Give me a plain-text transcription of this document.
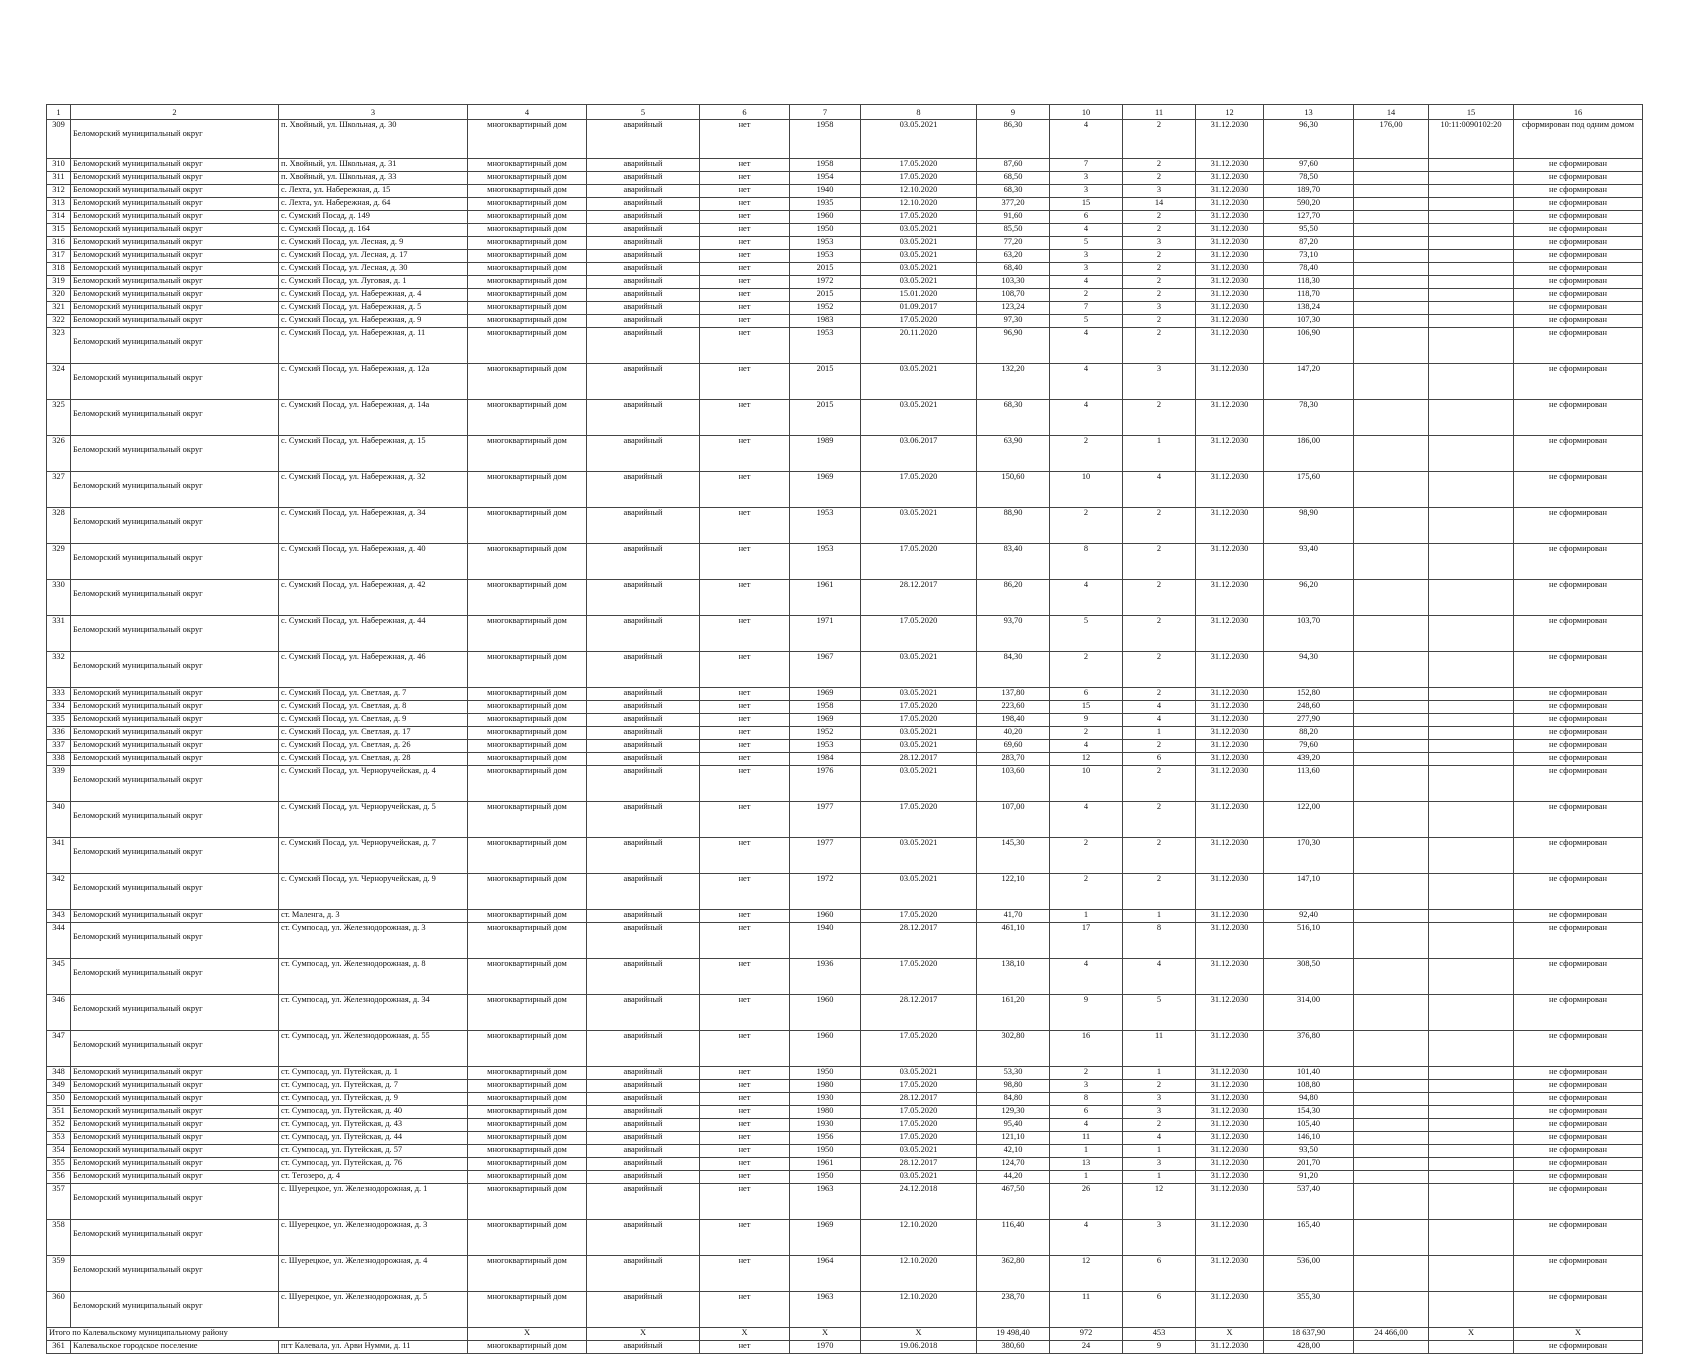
1	2	3	4	5	6	7	8	9	10	11	12	13	14	15	16
309	Беломорский муниципальный округ	п. Хвойный, ул. Школьная, д. 30	многоквартирный дом	аварийный	нет	1958	03.05.2021	86,30	4	2	31.12.2030	96,30	176,00	10:11:0090102:20	сформирован под одним домом
310	Беломорский муниципальный округ	п. Хвойный, ул. Школьная, д. 31	многоквартирный дом	аварийный	нет	1958	17.05.2020	87,60	7	2	31.12.2030	97,60			не сформирован
311	Беломорский муниципальный округ	п. Хвойный, ул. Школьная, д. 33	многоквартирный дом	аварийный	нет	1954	17.05.2020	68,50	3	2	31.12.2030	78,50			не сформирован
312	Беломорский муниципальный округ	с. Лехта, ул. Набережная, д. 15	многоквартирный дом	аварийный	нет	1940	12.10.2020	68,30	3	3	31.12.2030	189,70			не сформирован
313	Беломорский муниципальный округ	с. Лехта, ул. Набережная, д. 64	многоквартирный дом	аварийный	нет	1935	12.10.2020	377,20	15	14	31.12.2030	590,20			не сформирован
314	Беломорский муниципальный округ	с. Сумский Посад, д. 149	многоквартирный дом	аварийный	нет	1960	17.05.2020	91,60	6	2	31.12.2030	127,70			не сформирован
315	Беломорский муниципальный округ	с. Сумский Посад, д. 164	многоквартирный дом	аварийный	нет	1950	03.05.2021	85,50	4	2	31.12.2030	95,50			не сформирован
316	Беломорский муниципальный округ	с. Сумский Посад, ул. Лесная, д. 9	многоквартирный дом	аварийный	нет	1953	03.05.2021	77,20	5	3	31.12.2030	87,20			не сформирован
317	Беломорский муниципальный округ	с. Сумский Посад, ул. Лесная, д. 17	многоквартирный дом	аварийный	нет	1953	03.05.2021	63,20	3	2	31.12.2030	73,10			не сформирован
318	Беломорский муниципальный округ	с. Сумский Посад, ул. Лесная, д. 30	многоквартирный дом	аварийный	нет	2015	03.05.2021	68,40	3	2	31.12.2030	78,40			не сформирован
319	Беломорский муниципальный округ	с. Сумский Посад, ул. Луговая, д. 1	многоквартирный дом	аварийный	нет	1972	03.05.2021	103,30	4	2	31.12.2030	118,30			не сформирован
320	Беломорский муниципальный округ	с. Сумский Посад, ул. Набережная, д. 4	многоквартирный дом	аварийный	нет	2015	15.01.2020	108,70	2	2	31.12.2030	118,70			не сформирован
321	Беломорский муниципальный округ	с. Сумский Посад, ул. Набережная, д. 5	многоквартирный дом	аварийный	нет	1952	01.09.2017	123,24	7	3	31.12.2030	138,24			не сформирован
322	Беломорский муниципальный округ	с. Сумский Посад, ул. Набережная, д. 9	многоквартирный дом	аварийный	нет	1983	17.05.2020	97,30	5	2	31.12.2030	107,30			не сформирован
323	Беломорский муниципальный округ	с. Сумский Посад, ул. Набережная, д. 11	многоквартирный дом	аварийный	нет	1953	20.11.2020	96,90	4	2	31.12.2030	106,90			не сформирован
324	Беломорский муниципальный округ	с. Сумский Посад, ул. Набережная, д. 12а	многоквартирный дом	аварийный	нет	2015	03.05.2021	132,20	4	3	31.12.2030	147,20			не сформирован
325	Беломорский муниципальный округ	с. Сумский Посад, ул. Набережная, д. 14а	многоквартирный дом	аварийный	нет	2015	03.05.2021	68,30	4	2	31.12.2030	78,30			не сформирован
326	Беломорский муниципальный округ	с. Сумский Посад, ул. Набережная, д. 15	многоквартирный дом	аварийный	нет	1989	03.06.2017	63,90	2	1	31.12.2030	186,00			не сформирован
327	Беломорский муниципальный округ	с. Сумский Посад, ул. Набережная, д. 32	многоквартирный дом	аварийный	нет	1969	17.05.2020	150,60	10	4	31.12.2030	175,60			не сформирован
328	Беломорский муниципальный округ	с. Сумский Посад, ул. Набережная, д. 34	многоквартирный дом	аварийный	нет	1953	03.05.2021	88,90	2	2	31.12.2030	98,90			не сформирован
329	Беломорский муниципальный округ	с. Сумский Посад, ул. Набережная, д. 40	многоквартирный дом	аварийный	нет	1953	17.05.2020	83,40	8	2	31.12.2030	93,40			не сформирован
330	Беломорский муниципальный округ	с. Сумский Посад, ул. Набережная, д. 42	многоквартирный дом	аварийный	нет	1961	28.12.2017	86,20	4	2	31.12.2030	96,20			не сформирован
331	Беломорский муниципальный округ	с. Сумский Посад, ул. Набережная, д. 44	многоквартирный дом	аварийный	нет	1971	17.05.2020	93,70	5	2	31.12.2030	103,70			не сформирован
332	Беломорский муниципальный округ	с. Сумский Посад, ул. Набережная, д. 46	многоквартирный дом	аварийный	нет	1967	03.05.2021	84,30	2	2	31.12.2030	94,30			не сформирован
333	Беломорский муниципальный округ	с. Сумский Посад, ул. Светлая, д. 7	многоквартирный дом	аварийный	нет	1969	03.05.2021	137,80	6	2	31.12.2030	152,80			не сформирован
334	Беломорский муниципальный округ	с. Сумский Посад, ул. Светлая, д. 8	многоквартирный дом	аварийный	нет	1958	17.05.2020	223,60	15	4	31.12.2030	248,60			не сформирован
335	Беломорский муниципальный округ	с. Сумский Посад, ул. Светлая, д. 9	многоквартирный дом	аварийный	нет	1969	17.05.2020	198,40	9	4	31.12.2030	277,90			не сформирован
336	Беломорский муниципальный округ	с. Сумский Посад, ул. Светлая, д. 17	многоквартирный дом	аварийный	нет	1952	03.05.2021	40,20	2	1	31.12.2030	88,20			не сформирован
337	Беломорский муниципальный округ	с. Сумский Посад, ул. Светлая, д. 26	многоквартирный дом	аварийный	нет	1953	03.05.2021	69,60	4	2	31.12.2030	79,60			не сформирован
338	Беломорский муниципальный округ	с. Сумский Посад, ул. Светлая, д. 28	многоквартирный дом	аварийный	нет	1984	28.12.2017	283,70	12	6	31.12.2030	439,20			не сформирован
339	Беломорский муниципальный округ	с. Сумский Посад, ул. Черноручейская, д. 4	многоквартирный дом	аварийный	нет	1976	03.05.2021	103,60	10	2	31.12.2030	113,60			не сформирован
340	Беломорский муниципальный округ	с. Сумский Посад, ул. Черноручейская, д. 5	многоквартирный дом	аварийный	нет	1977	17.05.2020	107,00	4	2	31.12.2030	122,00			не сформирован
341	Беломорский муниципальный округ	с. Сумский Посад, ул. Черноручейская, д. 7	многоквартирный дом	аварийный	нет	1977	03.05.2021	145,30	2	2	31.12.2030	170,30			не сформирован
342	Беломорский муниципальный округ	с. Сумский Посад, ул. Черноручейская, д. 9	многоквартирный дом	аварийный	нет	1972	03.05.2021	122,10	2	2	31.12.2030	147,10			не сформирован
343	Беломорский муниципальный округ	ст. Маленга, д. 3	многоквартирный дом	аварийный	нет	1960	17.05.2020	41,70	1	1	31.12.2030	92,40			не сформирован
344	Беломорский муниципальный округ	ст. Сумпосад, ул. Железнодорожная, д. 3	многоквартирный дом	аварийный	нет	1940	28.12.2017	461,10	17	8	31.12.2030	516,10			не сформирован
345	Беломорский муниципальный округ	ст. Сумпосад, ул. Железнодорожная, д. 8	многоквартирный дом	аварийный	нет	1936	17.05.2020	138,10	4	4	31.12.2030	308,50			не сформирован
346	Беломорский муниципальный округ	ст. Сумпосад, ул. Железнодорожная, д. 34	многоквартирный дом	аварийный	нет	1960	28.12.2017	161,20	9	5	31.12.2030	314,00			не сформирован
347	Беломорский муниципальный округ	ст. Сумпосад, ул. Железнодорожная, д. 55	многоквартирный дом	аварийный	нет	1960	17.05.2020	302,80	16	11	31.12.2030	376,80			не сформирован
348	Беломорский муниципальный округ	ст. Сумпосад, ул. Путейская, д. 1	многоквартирный дом	аварийный	нет	1950	03.05.2021	53,30	2	1	31.12.2030	101,40			не сформирован
349	Беломорский муниципальный округ	ст. Сумпосад, ул. Путейская, д. 7	многоквартирный дом	аварийный	нет	1980	17.05.2020	98,80	3	2	31.12.2030	108,80			не сформирован
350	Беломорский муниципальный округ	ст. Сумпосад, ул. Путейская, д. 9	многоквартирный дом	аварийный	нет	1930	28.12.2017	84,80	8	3	31.12.2030	94,80			не сформирован
351	Беломорский муниципальный округ	ст. Сумпосад, ул. Путейская, д. 40	многоквартирный дом	аварийный	нет	1980	17.05.2020	129,30	6	3	31.12.2030	154,30			не сформирован
352	Беломорский муниципальный округ	ст. Сумпосад, ул. Путейская, д. 43	многоквартирный дом	аварийный	нет	1930	17.05.2020	95,40	4	2	31.12.2030	105,40			не сформирован
353	Беломорский муниципальный округ	ст. Сумпосад, ул. Путейская, д. 44	многоквартирный дом	аварийный	нет	1956	17.05.2020	121,10	11	4	31.12.2030	146,10			не сформирован
354	Беломорский муниципальный округ	ст. Сумпосад, ул. Путейская, д. 57	многоквартирный дом	аварийный	нет	1950	03.05.2021	42,10	1	1	31.12.2030	93,50			не сформирован
355	Беломорский муниципальный округ	ст. Сумпосад, ул. Путейская, д. 76	многоквартирный дом	аварийный	нет	1961	28.12.2017	124,70	13	3	31.12.2030	201,70			не сформирован
356	Беломорский муниципальный округ	ст. Тегозеро, д. 4	многоквартирный дом	аварийный	нет	1950	03.05.2021	44,20	1	1	31.12.2030	91,20			не сформирован
357	Беломорский муниципальный округ	с. Шуерецкое, ул. Железнодорожная, д. 1	многоквартирный дом	аварийный	нет	1963	24.12.2018	467,50	26	12	31.12.2030	537,40			не сформирован
358	Беломорский муниципальный округ	с. Шуерецкое, ул. Железнодорожная, д. 3	многоквартирный дом	аварийный	нет	1969	12.10.2020	116,40	4	3	31.12.2030	165,40			не сформирован
359	Беломорский муниципальный округ	с. Шуерецкое, ул. Железнодорожная, д. 4	многоквартирный дом	аварийный	нет	1964	12.10.2020	362,80	12	6	31.12.2030	536,00			не сформирован
360	Беломорский муниципальный округ	с. Шуерецкое, ул. Железнодорожная, д. 5	многоквартирный дом	аварийный	нет	1963	12.10.2020	238,70	11	6	31.12.2030	355,30			не сформирован
Итого по Калевальскому муниципальному району			Х	Х	Х	Х	Х	19 498,40	972	453	Х	18 637,90	24 466,00	Х	Х
361	Калевальское городское поселение	пгт Калевала, ул. Арви Нумми, д. 11	многоквартирный дом	аварийный	нет	1970	19.06.2018	380,60	24	9	31.12.2030	428,00			не сформирован
